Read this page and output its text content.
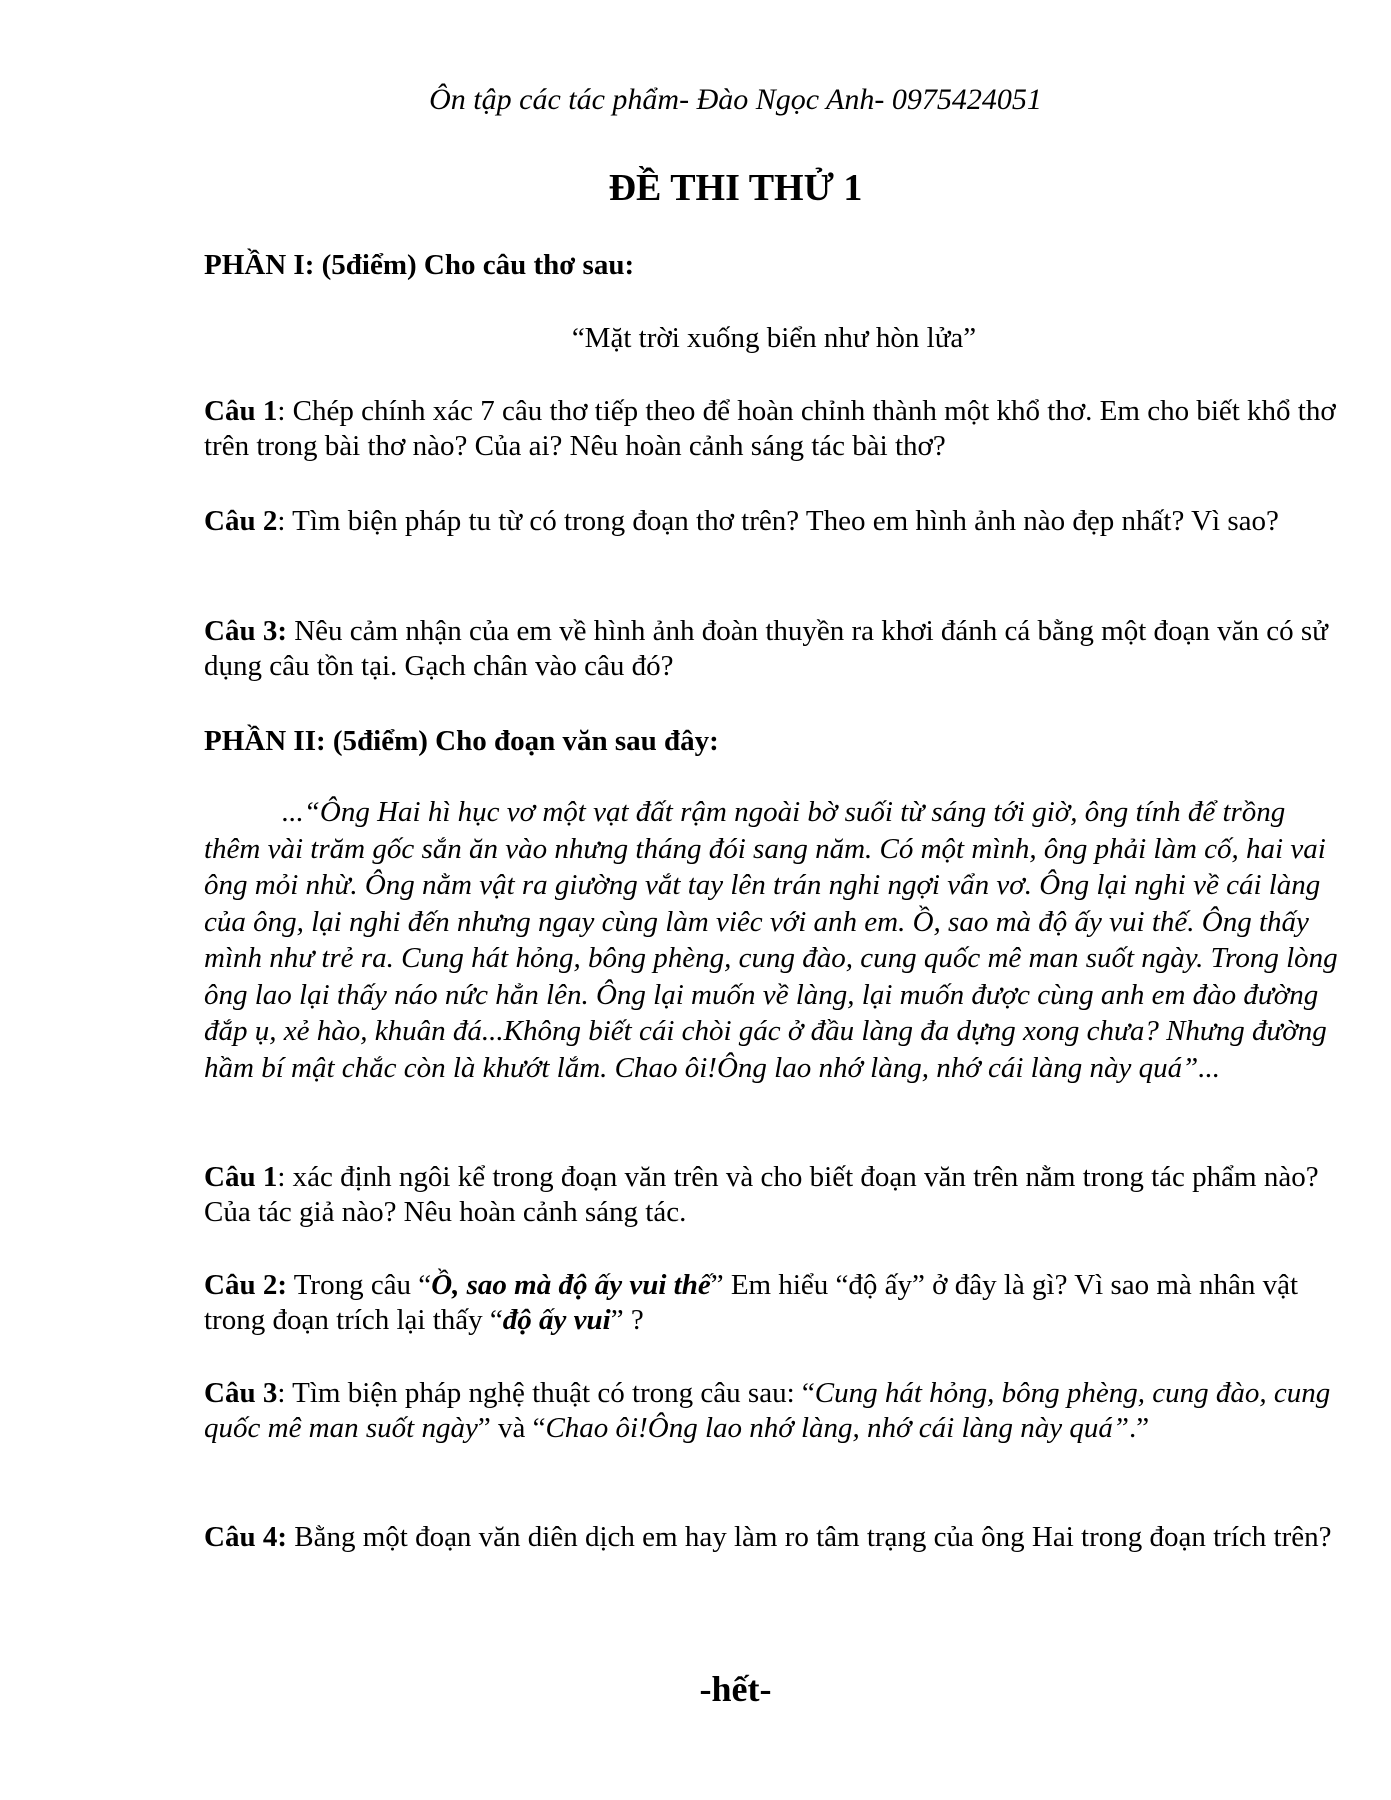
Ôn tập các tác phẩm- Đào Ngọc Anh- 0975424051
ĐỀ THI THỬ 1
PHẦN I: (5điểm) Cho câu thơ sau:
“Mặt trời xuống biển như hòn lửa”
Câu 1: Chép chính xác 7 câu thơ tiếp theo để hoàn chỉnh thành một khổ thơ. Em cho biết khổ thơ trên trong bài thơ nào? Của ai? Nêu hoàn cảnh sáng tác bài thơ?
Câu 2: Tìm biện pháp tu từ có trong đoạn thơ trên? Theo em hình ảnh nào đẹp nhất? Vì sao?
Câu 3: Nêu cảm nhận của em về hình ảnh đoàn thuyền ra khơi đánh cá bằng một đoạn văn có sử dụng câu tồn tại. Gạch chân vào câu đó?
PHẦN II: (5điểm) Cho đoạn văn sau đây:

...“Ông Hai hì hục vơ một vạt đất rậm ngoài bờ suối từ sáng tới giờ, ông tính để trồng thêm vài trăm gốc sắn ăn vào nhưng tháng đói sang năm. Có một mình, ông phải làm cố, hai vai ông mỏi nhừ. Ông nằm vật ra giường vắt tay lên trán nghi ngợi vẩn vơ. Ông lại nghi về cái làng của ông, lại nghi đến nhưng ngay cùng làm viêc với anh em. Ồ, sao mà độ ấy vui thế. Ông thấy mình như trẻ ra. Cung hát hỏng, bông phèng, cung đào, cung quốc mê man suốt ngày. Trong lòng ông lao lại thấy náo nức hẳn lên. Ông lại muốn về làng, lại muốn được cùng anh em đào đường đắp ụ, xẻ hào, khuân đá...Không biết cái chòi gác ở đầu làng đa dựng xong chưa? Nhưng đường hầm bí mật chắc còn là khướt lắm. Chao ôi!Ông lao nhớ làng, nhớ cái làng này quá”...

Câu 1: xác định ngôi kể trong đoạn văn trên và cho biết đoạn văn trên nằm trong tác phẩm nào? Của tác giả nào? Nêu hoàn cảnh sáng tác.
Câu 2: Trong câu “Ồ, sao mà độ ấy vui thế” Em hiểu “độ ấy” ở đây là gì? Vì sao mà nhân vật trong đoạn trích lại thấy “độ ấy vui” ?
Câu 3: Tìm biện pháp nghệ thuật có trong câu sau: “Cung hát hỏng, bông phèng, cung đào, cung quốc mê man suốt ngày” và “Chao ôi!Ông lao nhớ làng, nhớ cái làng này quá”.”
Câu 4: Bằng một đoạn văn diên dịch em hay làm ro tâm trạng của ông Hai trong đoạn trích trên?
-hết-
